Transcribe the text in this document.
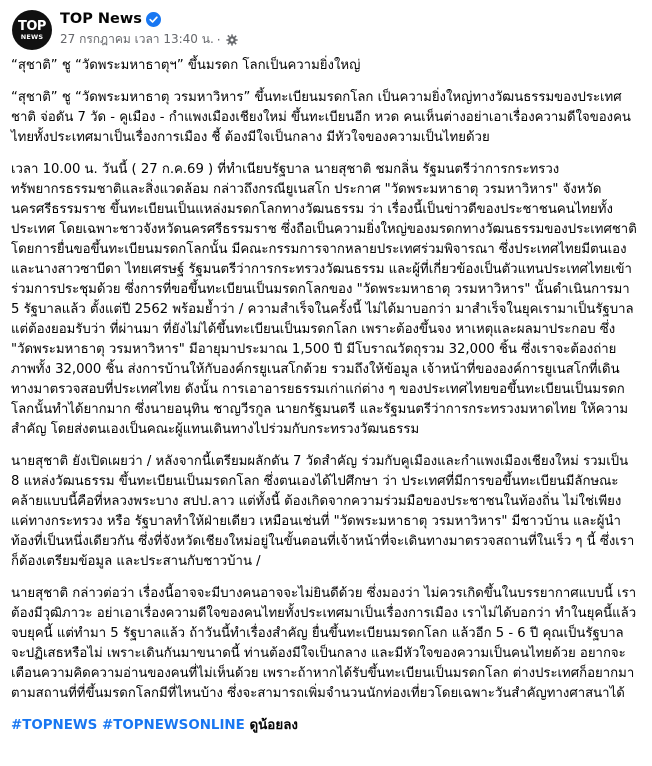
TOP
NEWS
TOP News
27 กรกฎาคม เวลา 13:40 น. ·

“สุชาติ” ชู “วัดพระมหาธาตุฯ” ขึ้นมรดก โลกเป็นความยิ่งใหญ่

“สุชาติ” ชู “วัดพระมหาธาตุ วรมหาวิหาร” ขึ้นทะเบียนมรดกโลก เป็นความยิ่งใหญ่ทางวัฒนธรรมของประเทศชาติ จ่อดัน 7 วัด - คูเมือง - กำแพงเมืองเชียงใหม่ ขึ้นทะเบียนอีก หวด คนเห็นต่างอย่าเอาเรื่องความดีใจของคนไทยทั้งประเทศมาเป็นเรื่องการเมือง ชี้ ต้องมีใจเป็นกลาง มีหัวใจของความเป็นไทยด้วย

เวลา 10.00 น. วันนี้ ( 27 ก.ค.69 ) ที่ทำเนียบรัฐบาล นายสุชาติ ชมกลิ่น รัฐมนตรีว่าการกระทรวงทรัพยากรธรรมชาติและสิ่งแวดล้อม กล่าวถึงกรณียูเนสโก ประกาศ "วัดพระมหาธาตุ วรมหาวิหาร" จังหวัดนครศรีธรรมราช ขึ้นทะเบียนเป็นแหล่งมรดกโลกทางวัฒนธรรม ว่า เรื่องนี้เป็นข่าวดีของประชาชนคนไทยทั้งประเทศ โดยเฉพาะชาวจังหวัดนครศรีธรรมราช ซึ่งถือเป็นความยิ่งใหญ่ของมรดกทางวัฒนธรรมของประเทศชาติ โดยการยื่นขอขึ้นทะเบียนมรดกโลกนั้น มีคณะกรรมการจากหลายประเทศร่วมพิจารณา ซึ่งประเทศไทยมีตนเอง และนางสาวซาบีดา ไทยเศรษฐ์ รัฐมนตรีว่าการกระทรวงวัฒนธรรม และผู้ที่เกี่ยวข้องเป็นตัวแทนประเทศไทยเข้าร่วมการประชุมด้วย ซึ่งการที่ขอขึ้นทะเบียนเป็นมรดกโลกของ "วัดพระมหาธาตุ วรมหาวิหาร" นั้นดำเนินการมา 5 รัฐบาลแล้ว ตั้งแต่ปี 2562 พร้อมย้ำว่า / ความสำเร็จในครั้งนี้ ไม่ได้มาบอกว่า มาสำเร็จในยุคเรามาเป็นรัฐบาล แต่ต้องยอมรับว่า ที่ผ่านมา ที่ยังไม่ได้ขึ้นทะเบียนเป็นมรดกโลก เพราะต้องขึ้นจง หาเหตุและผลมาประกอบ ซึ่ง "วัดพระมหาธาตุ วรมหาวิหาร" มีอายุมาประมาณ 1,500 ปี มีโบราณวัตถุรวม 32,000 ชิ้น ซึ่งเราจะต้องถ่ายภาพทั้ง 32,000 ชิ้น ส่งการบ้านให้กับองค์กรยูเนสโกด้วย รวมถึงให้ข้อมูล เจ้าหน้าที่ขององค์การยูเนสโกที่เดินทางมาตรวจสอบที่ประเทศไทย ดังนั้น การเอาอารยธรรมเก่าแก่ต่าง ๆ ของประเทศไทยขอขึ้นทะเบียนเป็นมรดกโลกนั้นทำได้ยากมาก ซึ่งนายอนุทิน ชาญวีรกูล นายกรัฐมนตรี และรัฐมนตรีว่าการกระทรวงมหาดไทย ให้ความสำคัญ โดยส่งตนเองเป็นคณะผู้แทนเดินทางไปร่วมกับกระทรวงวัฒนธรรม

นายสุชาติ ยังเปิดเผยว่า / หลังจากนี้เตรียมผลักดัน 7 วัดสำคัญ ร่วมกับคูเมืองและกำแพงเมืองเชียงใหม่ รวมเป็น 8 แหล่งวัฒนธรรม ขึ้นทะเบียนเป็นมรดกโลก ซึ่งตนเองได้ไปศึกษา ว่า ประเทศที่มีการขอขึ้นทะเบียนมีลักษณะคล้ายแบบนี้คือที่หลวงพระบาง สปป.ลาว แต่ทั้งนี้ ต้องเกิดจากความร่วมมือของประชาชนในท้องถิ่น ไม่ใช่เพียงแค่ทางกระทรวง หรือ รัฐบาลทำให้ฝ่ายเดียว เหมือนเช่นที่ "วัดพระมหาธาตุ วรมหาวิหาร" มีชาวบ้าน และผู้นำท้องที่เป็นหนึ่งเดียวกัน ซึ่งที่จังหวัดเชียงใหม่อยู่ในขั้นตอนที่เจ้าหน้าที่จะเดินทางมาตรวจสถานที่ในเร็ว ๆ นี้ ซึ่งเราก็ต้องเตรียมข้อมูล และประสานกับชาวบ้าน /

นายสุชาติ กล่าวต่อว่า เรื่องนี้อาจจะมีบางคนอาจจะไม่ยินดีด้วย ซึ่งมองว่า ไม่ควรเกิดขึ้นในบรรยากาศแบบนี้ เราต้องมีวุฒิภาวะ อย่าเอาเรื่องความดีใจของคนไทยทั้งประเทศมาเป็นเรื่องการเมือง เราไม่ได้บอกว่า ทำในยุคนี้แล้วจบยุคนี้ แต่ทำมา 5 รัฐบาลแล้ว ถ้าวันนี้ทำเรื่องสำคัญ ยื่นขึ้นทะเบียนมรดกโลก แล้วอีก 5 - 6 ปี คุณเป็นรัฐบาล จะปฏิเสธหรือไม่ เพราะเดินกันมาขนาดนี้ ท่านต้องมีใจเป็นกลาง และมีหัวใจของความเป็นคนไทยด้วย อยากจะเตือนความคิดความอ่านของคนที่ไม่เห็นด้วย เพราะถ้าหากได้รับขึ้นทะเบียนเป็นมรดกโลก ต่างประเทศก็อยากมาตามสถานที่ที่ขึ้นมรดกโลกมีที่ไหนบ้าง ซึ่งจะสามารถเพิ่มจำนวนนักท่องเที่ยวโดยเฉพาะวันสำคัญทางศาสนาได้

#TOPNEWS #TOPNEWSONLINE ดูน้อยลง
